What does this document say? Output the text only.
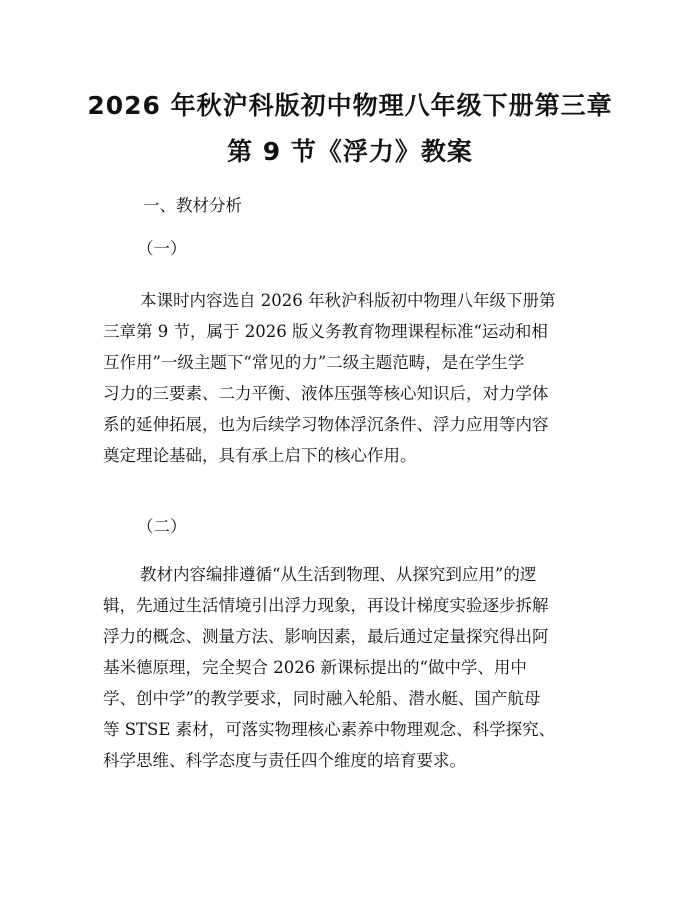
2026 年秋沪科版初中物理八年级下册第三章
第 9 节《浮力》教案
一、教材分析
（一）
本课时内容选自 2026 年秋沪科版初中物理八年级下册第
三章第 9 节，属于 2026 版义务教育物理课程标准“运动和相
互作用”一级主题下“常见的力”二级主题范畴，是在学生学
习力的三要素、二力平衡、液体压强等核心知识后，对力学体
系的延伸拓展，也为后续学习物体浮沉条件、浮力应用等内容
奠定理论基础，具有承上启下的核心作用。
（二）
教材内容编排遵循“从生活到物理、从探究到应用”的逻
辑，先通过生活情境引出浮力现象，再设计梯度实验逐步拆解
浮力的概念、测量方法、影响因素，最后通过定量探究得出阿
基米德原理，完全契合 2026 新课标提出的“做中学、用中
学、创中学”的教学要求，同时融入轮船、潜水艇、国产航母
等 STSE 素材，可落实物理核心素养中物理观念、科学探究、
科学思维、科学态度与责任四个维度的培育要求。
